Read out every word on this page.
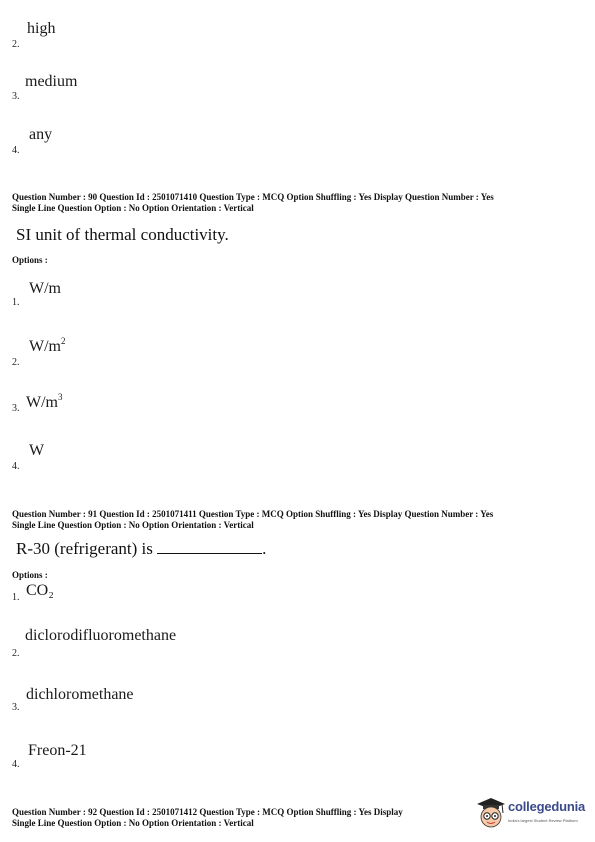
high
2.
medium
3.
any
4.
Question Number : 90 Question Id : 2501071410 Question Type : MCQ Option Shuffling : Yes Display Question Number : Yes
Single Line Question Option : No Option Orientation : Vertical
SI unit of thermal conductivity.
Options :
W/m
1.
$W/m^2$
2.
$W/m^3$
3.
W
4.
Question Number : 91 Question Id : 2501071411 Question Type : MCQ Option Shuffling : Yes Display Question Number : Yes
Single Line Question Option : No Option Orientation : Vertical
R-30 (refrigerant) is	.
Options :
CO₂
1.
diclorodifluoromethane
2.
dichloromethane
3.
Freon-21
4.
Question Number : 92 Question Id : 2501071412 Question Type : MCQ Option Shuffling : Yes Display
Single Line Question Option : No Option Orientation : Vertical
collegedunia
India's largest Student Review Platform
